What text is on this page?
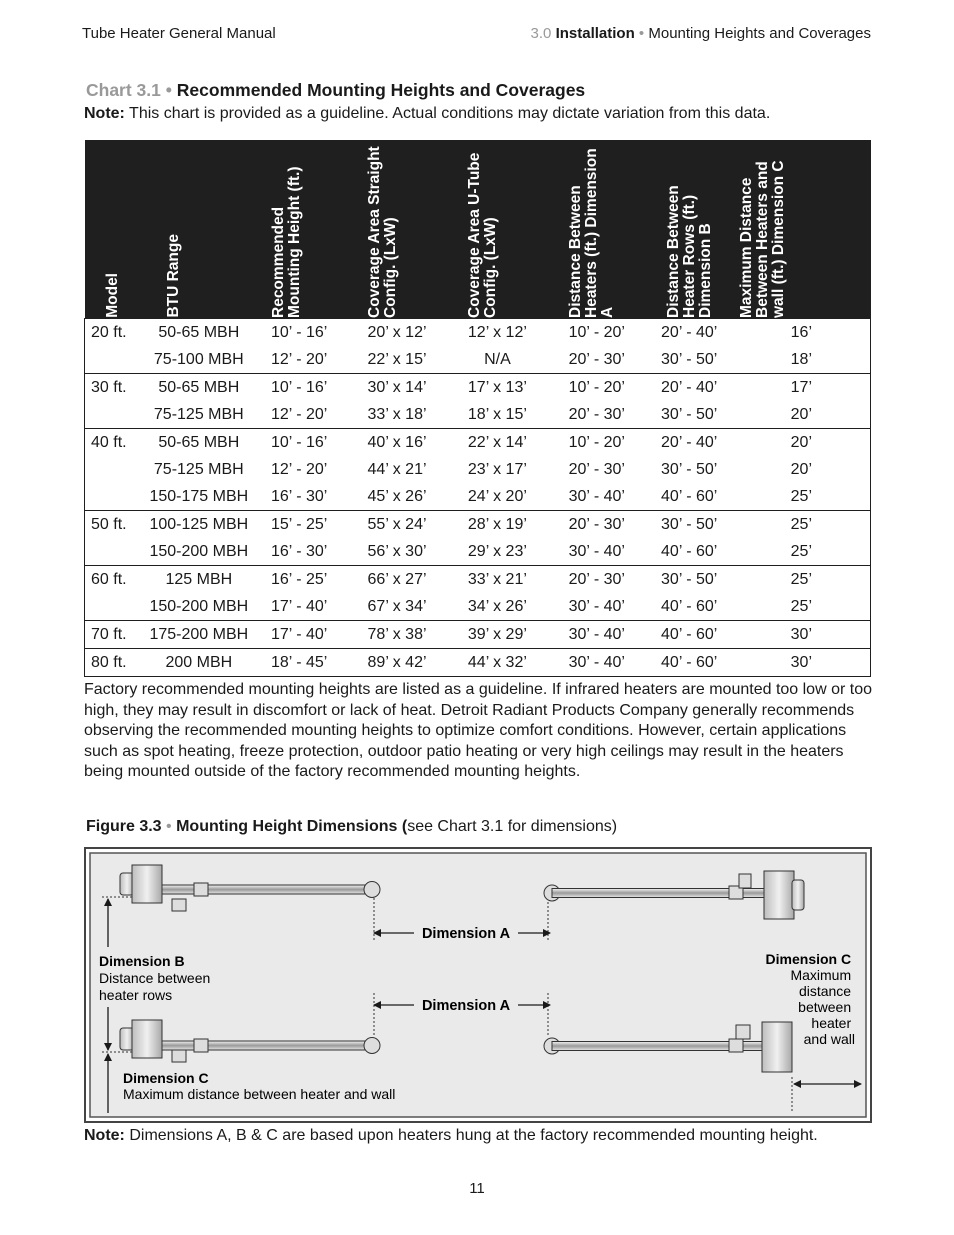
Tube Heater General Manual	3.0 Installation • Mounting Heights and Coverages
Chart 3.1 • Recommended Mounting Heights and Coverages
Note: This chart is provided as a guideline. Actual conditions may dictate variation from this data.
Model	BTU Range	Recommended Mounting Height (ft.)	Coverage Area Straight Config. (LxW)	Coverage Area U-Tube Config. (LxW)	Distance Between Heaters (ft.) Dimension A	Distance Between Heater Rows (ft.) Dimension B	Maximum Distance Between Heaters and wall (ft.) Dimension C

20 ft.	50-65 MBH	10’ - 16’	20’ x 12’	12’ x 12’	10’ - 20’	20’ - 40’	16’
	75-100 MBH	12’ - 20’	22’ x 15’	N/A	20’ - 30’	30’ - 50’	18’
30 ft.	50-65 MBH	10’ - 16’	30’ x 14’	17’ x 13’	10’ - 20’	20’ - 40’	17’
	75-125 MBH	12’ - 20’	33’ x 18’	18’ x 15’	20’ - 30’	30’ - 50’	20’
40 ft.	50-65 MBH	10’ - 16’	40’ x 16’	22’ x 14’	10’ - 20’	20’ - 40’	20’
	75-125 MBH	12’ - 20’	44’ x 21’	23’ x 17’	20’ - 30’	30’ - 50’	20’
	150-175 MBH	16’ - 30’	45’ x 26’	24’ x 20’	30’ - 40’	40’ - 60’	25’
50 ft.	100-125 MBH	15’ - 25’	55’ x 24’	28’ x 19’	20’ - 30’	30’ - 50’	25’
	150-200 MBH	16’ - 30’	56’ x 30’	29’ x 23’	30’ - 40’	40’ - 60’	25’
60 ft.	125 MBH	16’ - 25’	66’ x 27’	33’ x 21’	20’ - 30’	30’ - 50’	25’
	150-200 MBH	17’ - 40’	67’ x 34’	34’ x 26’	30’ - 40’	40’ - 60’	25’
70 ft.	175-200 MBH	17’ - 40’	78’ x 38’	39’ x 29’	30’ - 40’	40’ - 60’	30’
80 ft.	200 MBH	18’ - 45’	89’ x 42’	44’ x 32’	30’ - 40’	40’ - 60’	30’
Factory recommended mounting heights are listed as a guideline. If infrared heaters are mounted too low or too high, they may result in discomfort or lack of heat. Detroit Radiant Products Company generally recommends observing the recommended mounting heights to optimize comfort conditions. However, certain applications such as spot heating, freeze protection, outdoor patio heating or very high ceilings may result in the heaters being mounted outside of the factory recommended mounting heights.
Figure 3.3 • Mounting Height Dimensions (see Chart 3.1 for dimensions)
Dimension A
Dimension A
Dimension B Distance between heater rows
Dimension C Maximum distance between heater and wall
Dimension C Maximum distance between heater and wall
Note: Dimensions A, B & C are based upon heaters hung at the factory recommended mounting height.
11
